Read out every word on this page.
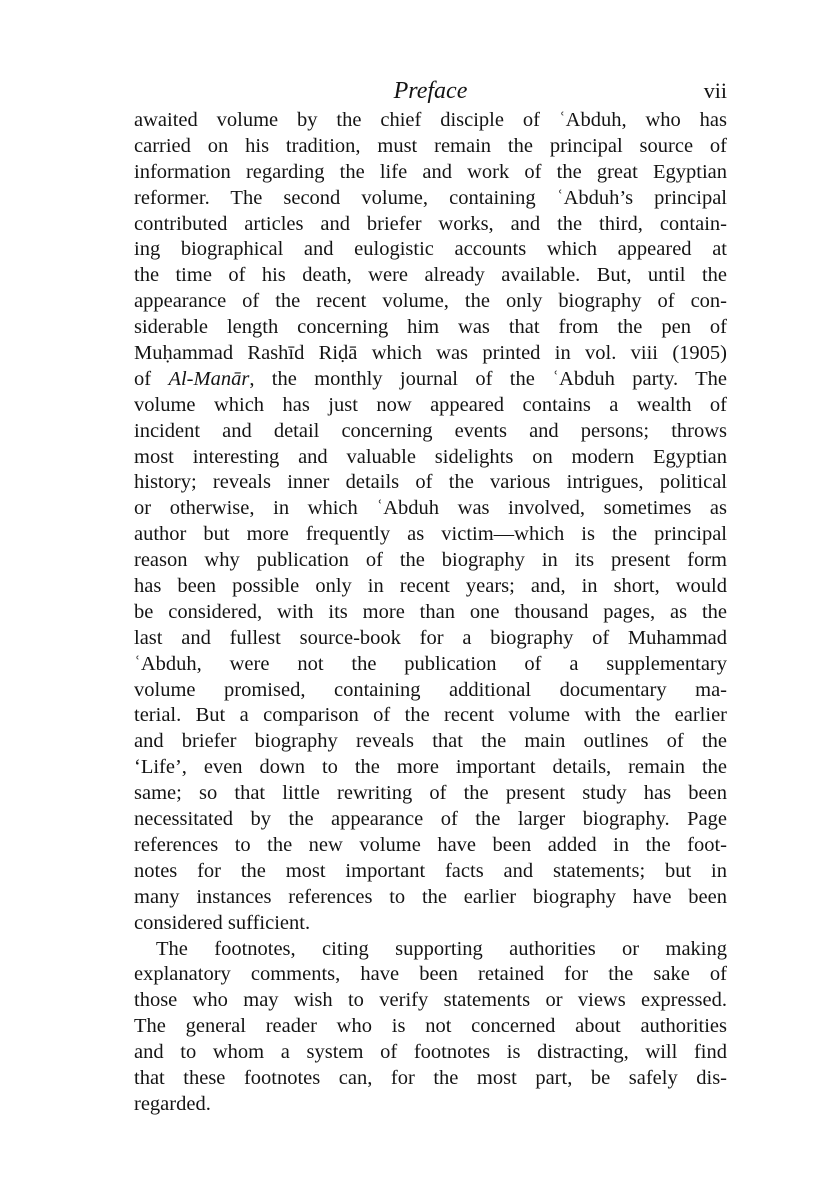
Preface	vii
awaited volume by the chief disciple of ʿAbduh, who has
carried on his tradition, must remain the principal source of
information regarding the life and work of the great Egyptian
reformer. The second volume, containing ʿAbduh’s principal
contributed articles and briefer works, and the third, contain-
ing biographical and eulogistic accounts which appeared at
the time of his death, were already available. But, until the
appearance of the recent volume, the only biography of con-
siderable length concerning him was that from the pen of
Muḥammad Rashīd Riḍā which was printed in vol. viii (1905)
of Al-Manār, the monthly journal of the ʿAbduh party. The
volume which has just now appeared contains a wealth of
incident and detail concerning events and persons; throws
most interesting and valuable sidelights on modern Egyptian
history; reveals inner details of the various intrigues, political
or otherwise, in which ʿAbduh was involved, sometimes as
author but more frequently as victim—which is the principal
reason why publication of the biography in its present form
has been possible only in recent years; and, in short, would
be considered, with its more than one thousand pages, as the
last and fullest source-book for a biography of Muhammad
ʿAbduh, were not the publication of a supplementary
volume promised, containing additional documentary ma-
terial. But a comparison of the recent volume with the earlier
and briefer biography reveals that the main outlines of the
‘Life’, even down to the more important details, remain the
same; so that little rewriting of the present study has been
necessitated by the appearance of the larger biography. Page
references to the new volume have been added in the foot-
notes for the most important facts and statements; but in
many instances references to the earlier biography have been
considered sufficient.
The footnotes, citing supporting authorities or making
explanatory comments, have been retained for the sake of
those who may wish to verify statements or views expressed.
The general reader who is not concerned about authorities
and to whom a system of footnotes is distracting, will find
that these footnotes can, for the most part, be safely dis-
regarded.
